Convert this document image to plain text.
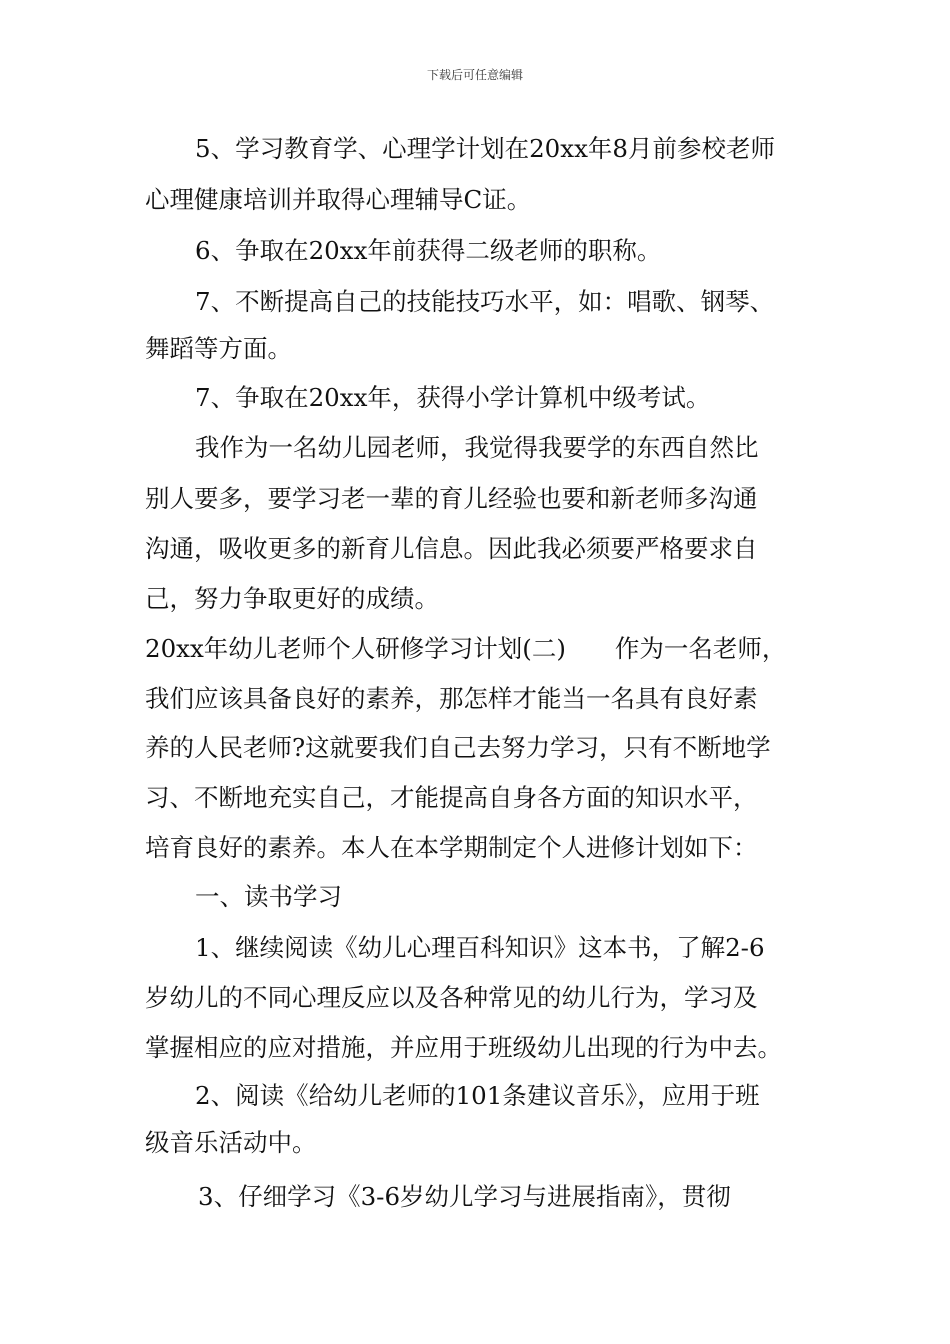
下载后可任意编辑
5、学习教育学、心理学计划在20xx年8月前参校老师
心理健康培训并取得心理辅导C证。
6、争取在20xx年前获得二级老师的职称。
7、不断提高自己的技能技巧水平，如：唱歌、钢琴、
舞蹈等方面。
7、争取在20xx年，获得小学计算机中级考试。
我作为一名幼儿园老师，我觉得我要学的东西自然比
别人要多，要学习老一辈的育儿经验也要和新老师多沟通
沟通，吸收更多的新育儿信息。因此我必须要严格要求自
己，努力争取更好的成绩。
20xx年幼儿老师个人研修学习计划(二)　　作为一名老师，
我们应该具备良好的素养，那怎样才能当一名具有良好素
养的人民老师?这就要我们自己去努力学习，只有不断地学
习、不断地充实自己，才能提高自身各方面的知识水平，
培育良好的素养。本人在本学期制定个人进修计划如下：
一、读书学习
1、继续阅读《幼儿心理百科知识》这本书，了解2-6
岁幼儿的不同心理反应以及各种常见的幼儿行为，学习及
掌握相应的应对措施，并应用于班级幼儿出现的行为中去。
2、阅读《给幼儿老师的101条建议音乐》，应用于班
级音乐活动中。
3、仔细学习《3-6岁幼儿学习与进展指南》，贯彻
